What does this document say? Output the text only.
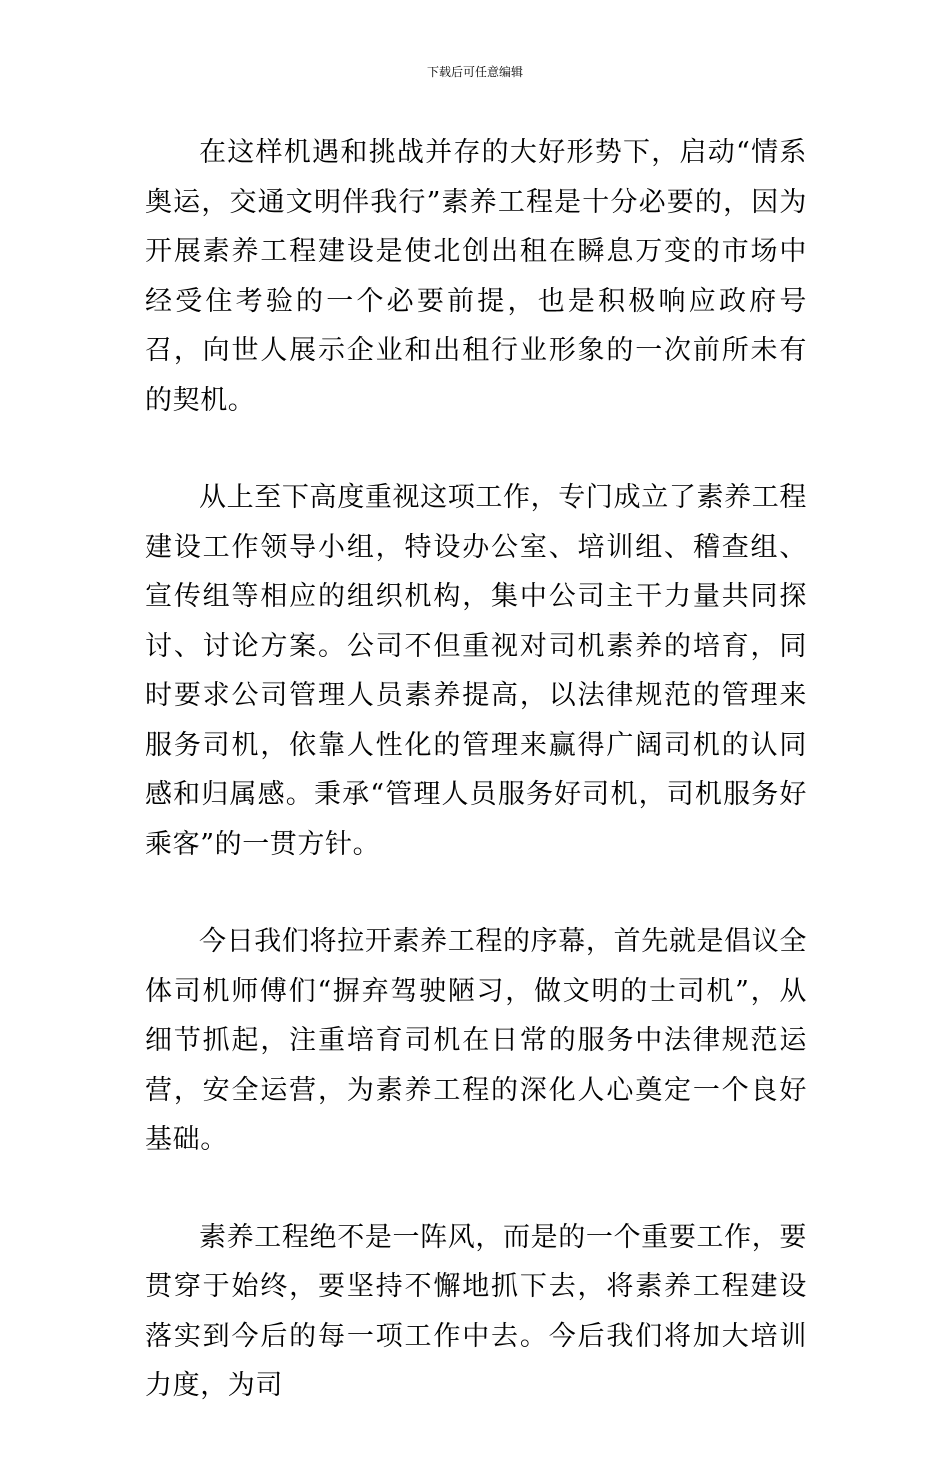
下载后可任意编辑

在这样机遇和挑战并存的大好形势下，启动“情系奥运，交通文明伴我行”素养工程是十分必要的，因为开展素养工程建设是使北创出租在瞬息万变的市场中经受住考验的一个必要前提，也是积极响应政府号召，向世人展示企业和出租行业形象的一次前所未有的契机。

从上至下高度重视这项工作，专门成立了素养工程建设工作领导小组，特设办公室、培训组、稽查组、宣传组等相应的组织机构，集中公司主干力量共同探讨、讨论方案。公司不但重视对司机素养的培育，同时要求公司管理人员素养提高，以法律规范的管理来服务司机，依靠人性化的管理来赢得广阔司机的认同感和归属感。秉承“管理人员服务好司机，司机服务好乘客”的一贯方针。

今日我们将拉开素养工程的序幕，首先就是倡议全体司机师傅们“摒弃驾驶陋习，做文明的士司机”，从细节抓起，注重培育司机在日常的服务中法律规范运营，安全运营，为素养工程的深化人心奠定一个良好基础。

素养工程绝不是一阵风，而是的一个重要工作，要贯穿于始终，要坚持不懈地抓下去，将素养工程建设落实到今后的每一项工作中去。今后我们将加大培训力度，为司
